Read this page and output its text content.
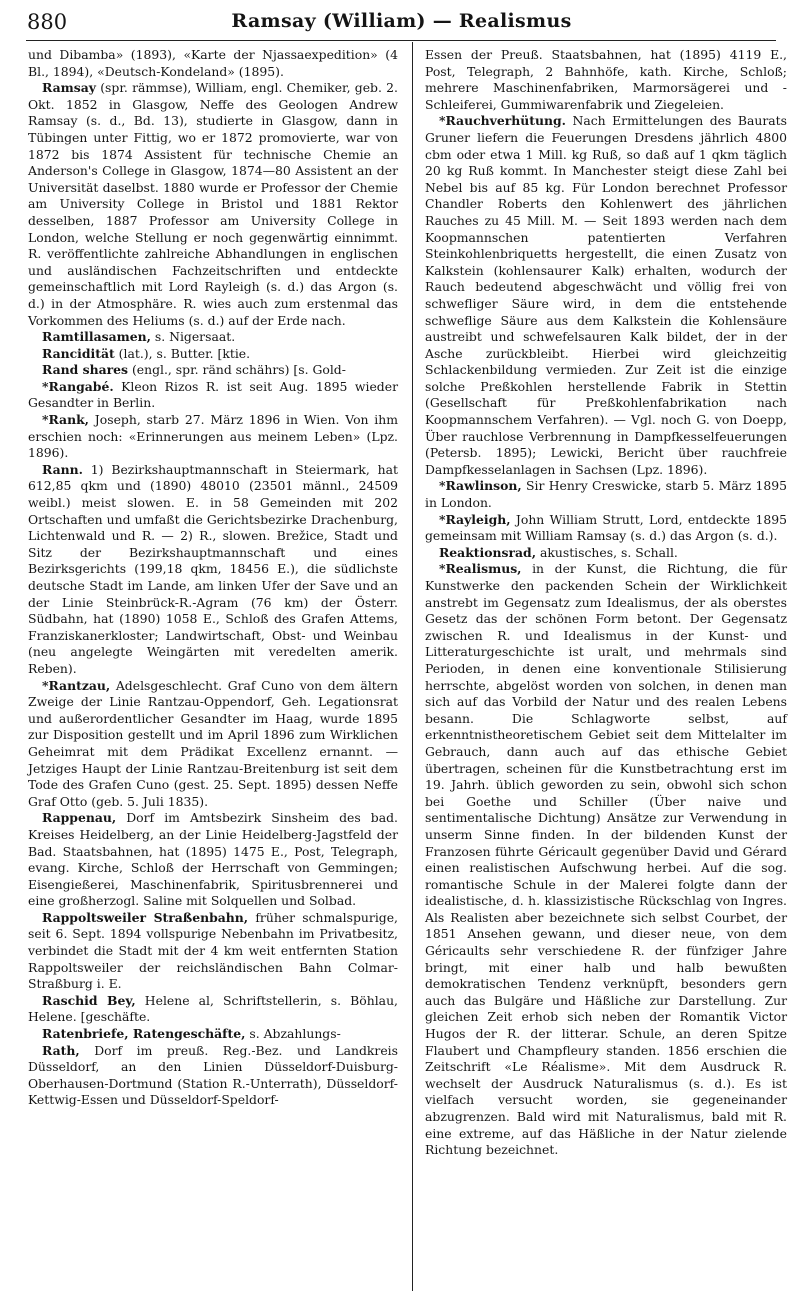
880	Ramsay (William) — Realismus

und Dibamba» (1893), «Karte der Njassaexpedition» (4 Bl., 1894), «Deutsch-Kondeland» (1895).

Ramsay (spr. rämmse), William, engl. Chemiker, geb. 2. Okt. 1852 in Glasgow, Neffe des Geologen Andrew Ramsay (s. d., Bd. 13), studierte in Glasgow, dann in Tübingen unter Fittig, wo er 1872 promovierte, war von 1872 bis 1874 Assistent für technische Chemie an Anderson's College in Glasgow, 1874—80 Assistent an der Universität daselbst. 1880 wurde er Professor der Chemie am University College in Bristol und 1881 Rektor desselben, 1887 Professor am University College in London, welche Stellung er noch gegenwärtig einnimmt. R. veröffentlichte zahlreiche Abhandlungen in englischen und ausländischen Fachzeitschriften und entdeckte gemeinschaftlich mit Lord Rayleigh (s. d.) das Argon (s. d.) in der Atmosphäre. R. wies auch zum erstenmal das Vorkommen des Heliums (s. d.) auf der Erde nach.

Ramtillasamen, s. Nigersaat.

Rancidität (lat.), s. Butter. [ktie.

Rand shares (engl., spr. ränd schährs) [s. Gold-

*Rangabé. Kleon Rizos R. ist seit Aug. 1895 wieder Gesandter in Berlin.

*Rank, Joseph, starb 27. März 1896 in Wien. Von ihm erschien noch: «Erinnerungen aus meinem Leben» (Lpz. 1896).

Rann. 1) Bezirkshauptmannschaft in Steiermark, hat 612,85 qkm und (1890) 48010 (23501 männl., 24509 weibl.) meist slowen. E. in 58 Gemeinden mit 202 Ortschaften und umfaßt die Gerichtsbezirke Drachenburg, Lichtenwald und R. — 2) R., slowen. Brežice, Stadt und Sitz der Bezirkshauptmannschaft und eines Bezirksgerichts (199,18 qkm, 18456 E.), die südlichste deutsche Stadt im Lande, am linken Ufer der Save und an der Linie Steinbrück-R.-Agram (76 km) der Österr. Südbahn, hat (1890) 1058 E., Schloß des Grafen Attems, Franziskanerkloster; Landwirtschaft, Obst- und Weinbau (neu angelegte Weingärten mit veredelten amerik. Reben).

*Rantzau, Adelsgeschlecht. Graf Cuno von dem ältern Zweige der Linie Rantzau-Oppendorf, Geh. Legationsrat und außerordentlicher Gesandter im Haag, wurde 1895 zur Disposition gestellt und im April 1896 zum Wirklichen Geheimrat mit dem Prädikat Excellenz ernannt. — Jetziges Haupt der Linie Rantzau-Breitenburg ist seit dem Tode des Grafen Cuno (gest. 25. Sept. 1895) dessen Neffe Graf Otto (geb. 5. Juli 1835).

Rappenau, Dorf im Amtsbezirk Sinsheim des bad. Kreises Heidelberg, an der Linie Heidelberg-Jagstfeld der Bad. Staatsbahnen, hat (1895) 1475 E., Post, Telegraph, evang. Kirche, Schloß der Herrschaft von Gemmingen; Eisengießerei, Maschinenfabrik, Spiritusbrennerei und eine großherzogl. Saline mit Solquellen und Solbad.

Rappoltsweiler Straßenbahn, früher schmalspurige, seit 6. Sept. 1894 vollspurige Nebenbahn im Privatbesitz, verbindet die Stadt mit der 4 km weit entfernten Station Rappoltsweiler der reichsländischen Bahn Colmar-Straßburg i. E.

Raschid Bey, Helene al, Schriftstellerin, s. Böhlau, Helene. [geschäfte.

Ratenbriefe, Ratengeschäfte, s. Abzahlungs-

Rath, Dorf im preuß. Reg.-Bez. und Landkreis Düsseldorf, an den Linien Düsseldorf-Duisburg-Oberhausen-Dortmund (Station R.-Unterrath), Düsseldorf-Kettwig-Essen und Düsseldorf-Speldorf-

Essen der Preuß. Staatsbahnen, hat (1895) 4119 E., Post, Telegraph, 2 Bahnhöfe, kath. Kirche, Schloß; mehrere Maschinenfabriken, Marmorsägerei und -Schleiferei, Gummiwarenfabrik und Ziegeleien.

*Rauchverhütung. Nach Ermittelungen des Baurats Gruner liefern die Feuerungen Dresdens jährlich 4800 cbm oder etwa 1 Mill. kg Ruß, so daß auf 1 qkm täglich 20 kg Ruß kommt. In Manchester steigt diese Zahl bei Nebel bis auf 85 kg. Für London berechnet Professor Chandler Roberts den Kohlenwert des jährlichen Rauches zu 45 Mill. M. — Seit 1893 werden nach dem Koopmannschen patentierten Verfahren Steinkohlenbriquetts hergestellt, die einen Zusatz von Kalkstein (kohlensaurer Kalk) erhalten, wodurch der Rauch bedeutend abgeschwächt und völlig frei von schwefliger Säure wird, in dem die entstehende schweflige Säure aus dem Kalkstein die Kohlensäure austreibt und schwefelsauren Kalk bildet, der in der Asche zurückbleibt. Hierbei wird gleichzeitig Schlackenbildung vermieden. Zur Zeit ist die einzige solche Preßkohlen herstellende Fabrik in Stettin (Gesellschaft für Preßkohlenfabrikation nach Koopmannschem Verfahren). — Vgl. noch G. von Doepp, Über rauchlose Verbrennung in Dampfkesselfeuerungen (Petersb. 1895); Lewicki, Bericht über rauchfreie Dampfkesselanlagen in Sachsen (Lpz. 1896).

*Rawlinson, Sir Henry Creswicke, starb 5. März 1895 in London.

*Rayleigh, John William Strutt, Lord, entdeckte 1895 gemeinsam mit William Ramsay (s. d.) das Argon (s. d.).

Reaktionsrad, akustisches, s. Schall.

*Realismus, in der Kunst, die Richtung, die für Kunstwerke den packenden Schein der Wirklichkeit anstrebt im Gegensatz zum Idealismus, der als oberstes Gesetz das der schönen Form betont. Der Gegensatz zwischen R. und Idealismus in der Kunst- und Litteraturgeschichte ist uralt, und mehrmals sind Perioden, in denen eine konventionale Stilisierung herrschte, abgelöst worden von solchen, in denen man sich auf das Vorbild der Natur und des realen Lebens besann. Die Schlagworte selbst, auf erkenntnistheoretischem Gebiet seit dem Mittelalter im Gebrauch, dann auch auf das ethische Gebiet übertragen, scheinen für die Kunstbetrachtung erst im 19. Jahrh. üblich geworden zu sein, obwohl sich schon bei Goethe und Schiller (Über naive und sentimentalische Dichtung) Ansätze zur Verwendung in unserm Sinne finden. In der bildenden Kunst der Franzosen führte Géricault gegenüber David und Gérard einen realistischen Aufschwung herbei. Auf die sog. romantische Schule in der Malerei folgte dann der idealistische, d. h. klassizistische Rückschlag von Ingres. Als Realisten aber bezeichnete sich selbst Courbet, der 1851 Ansehen gewann, und dieser neue, von dem Géricaults sehr verschiedene R. der fünfziger Jahre bringt, mit einer halb und halb bewußten demokratischen Tendenz verknüpft, besonders gern auch das Bulgäre und Häßliche zur Darstellung. Zur gleichen Zeit erhob sich neben der Romantik Victor Hugos der R. der litterar. Schule, an deren Spitze Flaubert und Champfleury standen. 1856 erschien die Zeitschrift «Le Réalisme». Mit dem Ausdruck R. wechselt der Ausdruck Naturalismus (s. d.). Es ist vielfach versucht worden, sie gegeneinander abzugrenzen. Bald wird mit Naturalismus, bald mit R. eine extreme, auf das Häßliche in der Natur zielende Richtung bezeichnet.
